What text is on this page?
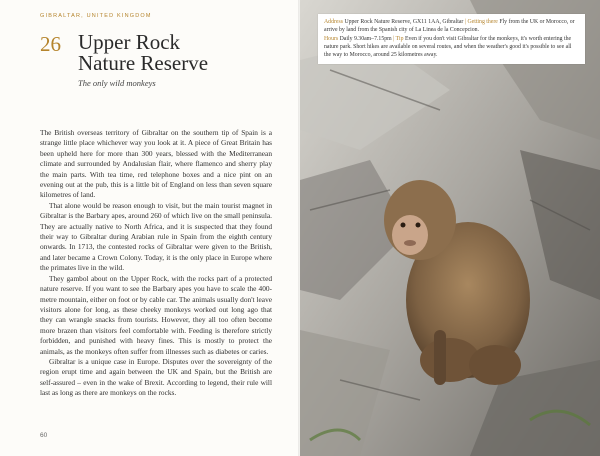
GIBRALTAR, UNITED KINGDOM
26 Upper Rock
Nature Reserve
The only wild monkeys

The British overseas territory of Gibraltar on the southern tip of Spain is a strange little place whichever way you look at it. A piece of Great Britain has been upheld here for more than 300 years, blessed with the Mediterranean climate and surrounded by Andalusian flair, where flamenco and sherry play the main parts. With tea time, red telephone boxes and a nice pint on an evening out at the pub, this is a little bit of England on less than seven square kilometres of land.

That alone would be reason enough to visit, but the main tourist magnet in Gibraltar is the Barbary apes, around 260 of which live on the small peninsula. They are actually native to North Africa, and it is suspected that they found their way to Gibraltar during Arabian rule in Spain from the eighth century onwards. In 1713, the contested rocks of Gibraltar were given to the British, and later became a Crown Colony. Today, it is the only place in Europe where the primates live in the wild.

They gambol about on the Upper Rock, with the rocks part of a protected nature reserve. If you want to see the Barbary apes you have to scale the 400-metre mountain, either on foot or by cable car. The animals usually don't leave visitors alone for long, as these cheeky monkeys worked out long ago that they can wrangle snacks from tourists. However, they all too often become more brazen than visitors feel comfortable with. Feeding is therefore strictly forbidden, and punished with heavy fines. This is mostly to protect the animals, as the monkeys often suffer from illnesses such as diabetes or caries.

Gibraltar is a unique case in Europe. Disputes over the sovereignty of the region erupt time and again between the UK and Spain, but the British are self-assured – even in the wake of Brexit. According to legend, their rule will last as long as there are monkeys on the rocks.

60
Address Upper Rock Nature Reserve, GX11 1AA, Gibraltar | Getting there Fly from the UK or Morocco, or arrive by land from the Spanish city of La Linea de la Concepcion.
Hours Daily 9.30am–7.15pm | Tip Even if you don't visit Gibraltar for the monkeys, it's worth entering the nature park. Short hikes are available on several routes, and when the weather's good it's possible to see all the way to Morocco, around 25 kilometres away.
